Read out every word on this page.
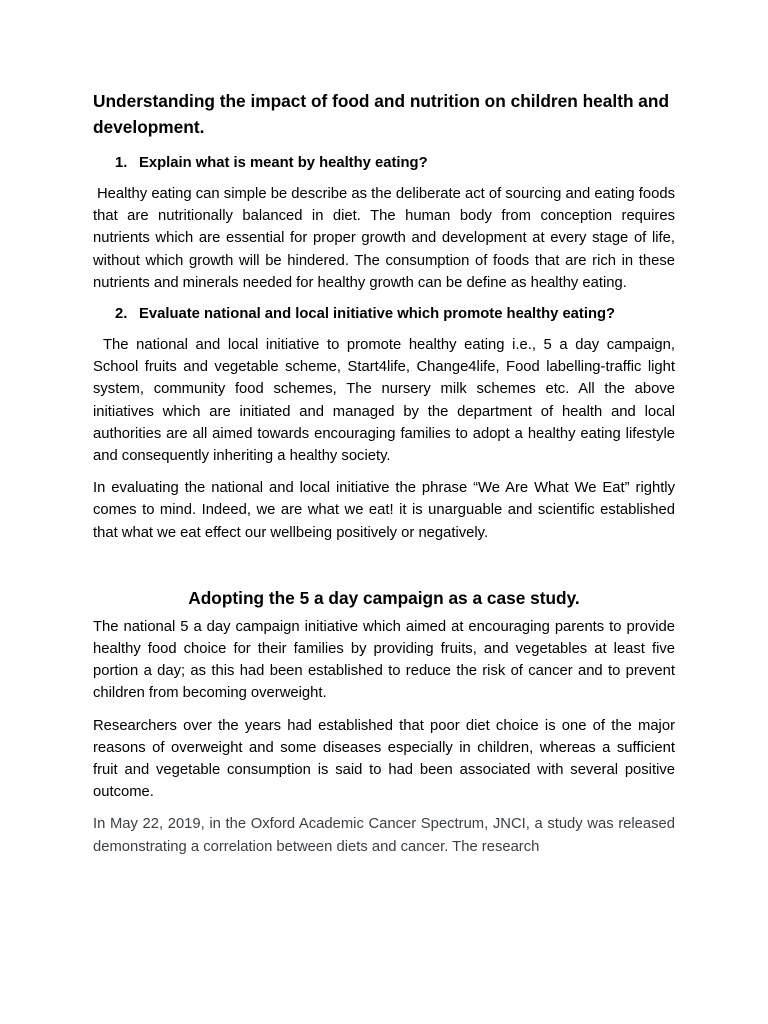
Understanding the impact of food and nutrition on children health and development.
1. Explain what is meant by healthy eating?
Healthy eating can simple be describe as the deliberate act of sourcing and eating foods that are nutritionally balanced in diet. The human body from conception requires nutrients which are essential for proper growth and development at every stage of life, without which growth will be hindered. The consumption of foods that are rich in these nutrients and minerals needed for healthy growth can be define as healthy eating.
2. Evaluate national and local initiative which promote healthy eating?
The national and local initiative to promote healthy eating i.e., 5 a day campaign, School fruits and vegetable scheme, Start4life, Change4life, Food labelling-traffic light system, community food schemes, The nursery milk schemes etc. All the above initiatives which are initiated and managed by the department of health and local authorities are all aimed towards encouraging families to adopt a healthy eating lifestyle and consequently inheriting a healthy society.
In evaluating the national and local initiative the phrase “We Are What We Eat” rightly comes to mind. Indeed, we are what we eat! it is unarguable and scientific established that what we eat effect our wellbeing positively or negatively.
Adopting the 5 a day campaign as a case study.
The national 5 a day campaign initiative which aimed at encouraging parents to provide healthy food choice for their families by providing fruits, and vegetables at least five portion a day; as this had been established to reduce the risk of cancer and to prevent children from becoming overweight.
Researchers over the years had established that poor diet choice is one of the major reasons of overweight and some diseases especially in children, whereas a sufficient fruit and vegetable consumption is said to had been associated with several positive outcome.
In May 22, 2019, in the Oxford Academic Cancer Spectrum, JNCI, a study was released demonstrating a correlation between diets and cancer. The research
